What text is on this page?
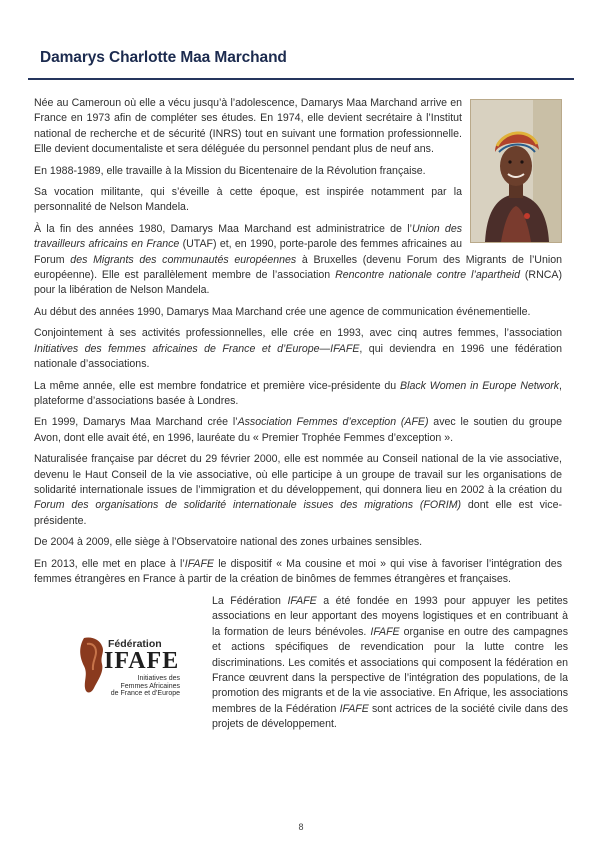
Damarys Charlotte Maa Marchand

Née au Cameroun où elle a vécu jusqu’à l’adolescence, Damarys Maa Marchand arrive en France en 1973 afin de compléter ses études. En 1974, elle devient secrétaire à l’Institut national de recherche et de sécurité (INRS) tout en suivant une formation professionnelle. Elle devient documentaliste et sera déléguée du personnel pendant plus de neuf ans.

En 1988-1989, elle travaille à la Mission du Bicentenaire de la Révolution française.

Sa vocation militante, qui s’éveille à cette époque, est inspirée notamment par la personnalité de Nelson Mandela.

À la fin des années 1980, Damarys Maa Marchand est administratrice de l’Union des travailleurs africains en France (UTAF) et, en 1990, porte-parole des femmes africaines au Forum des Migrants des communautés européennes à Bruxelles (devenu Forum des Migrants de l’Union européenne). Elle est parallèlement membre de l’association Rencontre nationale contre l’apartheid (RNCA) pour la libération de Nelson Mandela.

Au début des années 1990, Damarys Maa Marchand crée une agence de communication événementielle.

Conjointement à ses activités professionnelles, elle crée en 1993, avec cinq autres femmes, l’association Initiatives des femmes africaines de France et d’Europe—IFAFE, qui deviendra en 1996 une fédération nationale d’associations.

La même année, elle est membre fondatrice et première vice-présidente du Black Women in Europe Network, plateforme d’associations basée à Londres.

En 1999, Damarys Maa Marchand crée l’Association Femmes d’exception (AFE) avec le soutien du groupe Avon, dont elle avait été, en 1996, lauréate du « Premier Trophée Femmes d’exception ».

Naturalisée française par décret du 29 février 2000, elle est nommée au Conseil national de la vie associative, devenu le Haut Conseil de la vie associative, où elle participe à un groupe de travail sur les organisations de solidarité internationale issues de l’immigration et du développement, qui donnera lieu en 2002 à la création du Forum des organisations de solidarité internationale issues des migrations (FORIM) dont elle est vice-présidente.

De 2004 à 2009, elle siège à l’Observatoire national des zones urbaines sensibles.

En 2013, elle met en place à l’IFAFE le dispositif « Ma cousine et moi » qui vise à favoriser l’intégration des femmes étrangères en France à partir de la création de binômes de femmes étrangères et françaises.

Fédération
IFAFE
Initiatives des
Femmes Africaines
de France et d’Europe
La Fédération IFAFE a été fondée en 1993 pour appuyer les petites associations en leur apportant des moyens logistiques et en contribuant à la formation de leurs bénévoles. IFAFE organise en outre des campagnes et actions spécifiques de revendication pour la lutte contre les discriminations. Les comités et associations qui composent la fédération en France œuvrent dans la perspective de l’intégration des populations, de la promotion des migrants et de la vie associative. En Afrique, les associations membres de la Fédération IFAFE sont actrices de la société civile dans des projets de développement.
8
